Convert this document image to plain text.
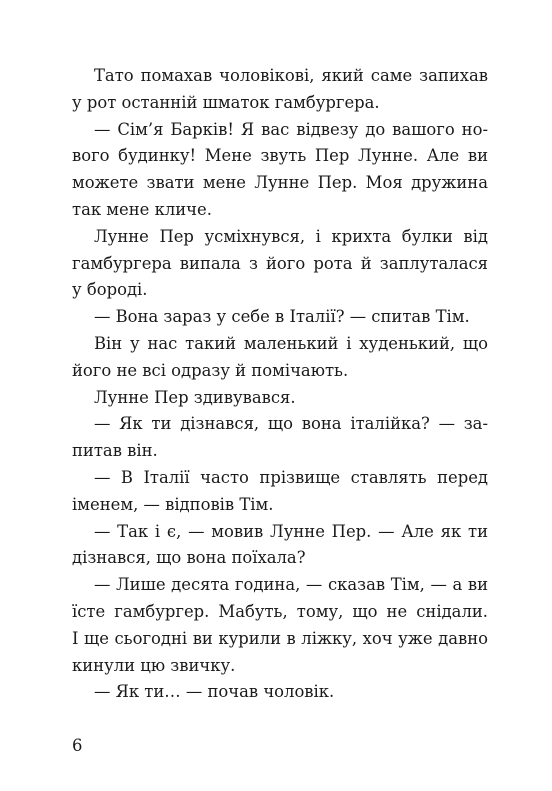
Тато помахав чоловікові, який саме запихав
у рот останній шматок гамбургера.
— Сім’я Барків! Я вас відвезу до вашого но-
вого будинку! Мене звуть Пер Лунне. Але ви
можете звати мене Лунне Пер. Моя дружина
так мене кличе.
Лунне Пер усміхнувся, і крихта булки від
гамбургера випала з його рота й заплуталася
у бороді.
— Вона зараз у себе в Італії? — спитав Тім.
Він у нас такий маленький і худенький, що
його не всі одразу й помічають.
Лунне Пер здивувався.
— Як ти дізнався, що вона італійка? — за-
питав він.
— В Італії часто прізвище ставлять перед
іменем, — відповів Тім.
— Так і є, — мовив Лунне Пер. — Але як ти
дізнався, що вона поїхала?
— Лише десята година, — сказав Тім, — а ви
їсте гамбургер. Мабуть, тому, що не снідали.
І ще сьогодні ви курили в ліжку, хоч уже давно
кинули цю звичку.
— Як ти… — почав чоловік.
6
